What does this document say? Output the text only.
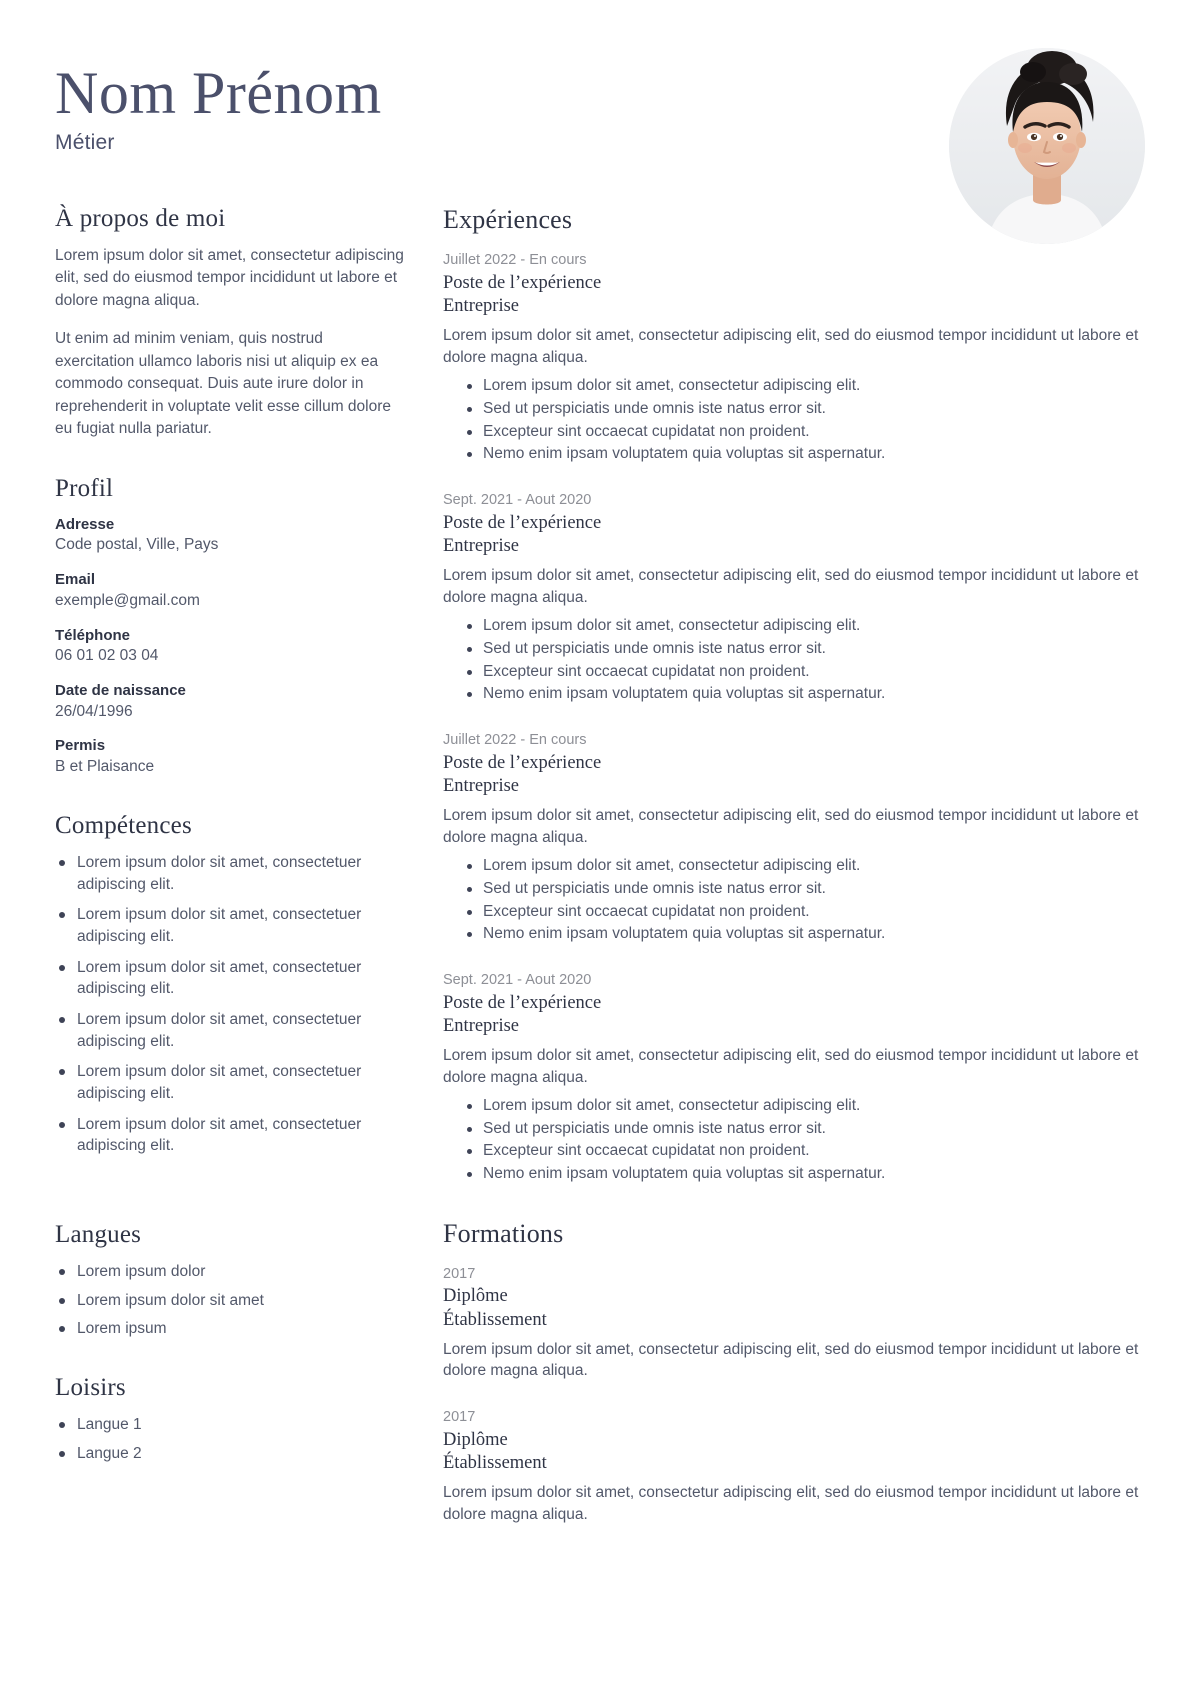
Nom Prénom
Métier
À propos de moi

Lorem ipsum dolor sit amet, consectetur adipiscing elit, sed do eiusmod tempor incididunt ut labore et dolore magna aliqua.

Ut enim ad minim veniam, quis nostrud exercitation ullamco laboris nisi ut aliquip ex ea commodo consequat. Duis aute irure dolor in reprehenderit in voluptate velit esse cillum dolore eu fugiat nulla pariatur.

Profil
Adresse
Code postal, Ville, Pays
Email
exemple@gmail.com
Téléphone
06 01 02 03 04
Date de naissance
26/04/1996
Permis
B et Plaisance
Compétences
Lorem ipsum dolor sit amet, consectetuer adipiscing elit.
Lorem ipsum dolor sit amet, consectetuer adipiscing elit.
Lorem ipsum dolor sit amet, consectetuer adipiscing elit.
Lorem ipsum dolor sit amet, consectetuer adipiscing elit.
Lorem ipsum dolor sit amet, consectetuer adipiscing elit.
Lorem ipsum dolor sit amet, consectetuer adipiscing elit.
Langues
Lorem ipsum dolor
Lorem ipsum dolor sit amet
Lorem ipsum
Loisirs
Langue 1
Langue 2
Expériences
Juillet 2022 - En cours
Poste de l’expérience
Entreprise

Lorem ipsum dolor sit amet, consectetur adipiscing elit, sed do eiusmod tempor incididunt ut labore et dolore magna aliqua.

Lorem ipsum dolor sit amet, consectetur adipiscing elit.
Sed ut perspiciatis unde omnis iste natus error sit.
Excepteur sint occaecat cupidatat non proident.
Nemo enim ipsam voluptatem quia voluptas sit aspernatur.
Sept. 2021 - Aout 2020
Poste de l’expérience
Entreprise

Lorem ipsum dolor sit amet, consectetur adipiscing elit, sed do eiusmod tempor incididunt ut labore et dolore magna aliqua.

Lorem ipsum dolor sit amet, consectetur adipiscing elit.
Sed ut perspiciatis unde omnis iste natus error sit.
Excepteur sint occaecat cupidatat non proident.
Nemo enim ipsam voluptatem quia voluptas sit aspernatur.
Juillet 2022 - En cours
Poste de l’expérience
Entreprise

Lorem ipsum dolor sit amet, consectetur adipiscing elit, sed do eiusmod tempor incididunt ut labore et dolore magna aliqua.

Lorem ipsum dolor sit amet, consectetur adipiscing elit.
Sed ut perspiciatis unde omnis iste natus error sit.
Excepteur sint occaecat cupidatat non proident.
Nemo enim ipsam voluptatem quia voluptas sit aspernatur.
Sept. 2021 - Aout 2020
Poste de l’expérience
Entreprise

Lorem ipsum dolor sit amet, consectetur adipiscing elit, sed do eiusmod tempor incididunt ut labore et dolore magna aliqua.

Lorem ipsum dolor sit amet, consectetur adipiscing elit.
Sed ut perspiciatis unde omnis iste natus error sit.
Excepteur sint occaecat cupidatat non proident.
Nemo enim ipsam voluptatem quia voluptas sit aspernatur.
Formations
2017
Diplôme
Établissement

Lorem ipsum dolor sit amet, consectetur adipiscing elit, sed do eiusmod tempor incididunt ut labore et dolore magna aliqua.

2017
Diplôme
Établissement

Lorem ipsum dolor sit amet, consectetur adipiscing elit, sed do eiusmod tempor incididunt ut labore et dolore magna aliqua.
